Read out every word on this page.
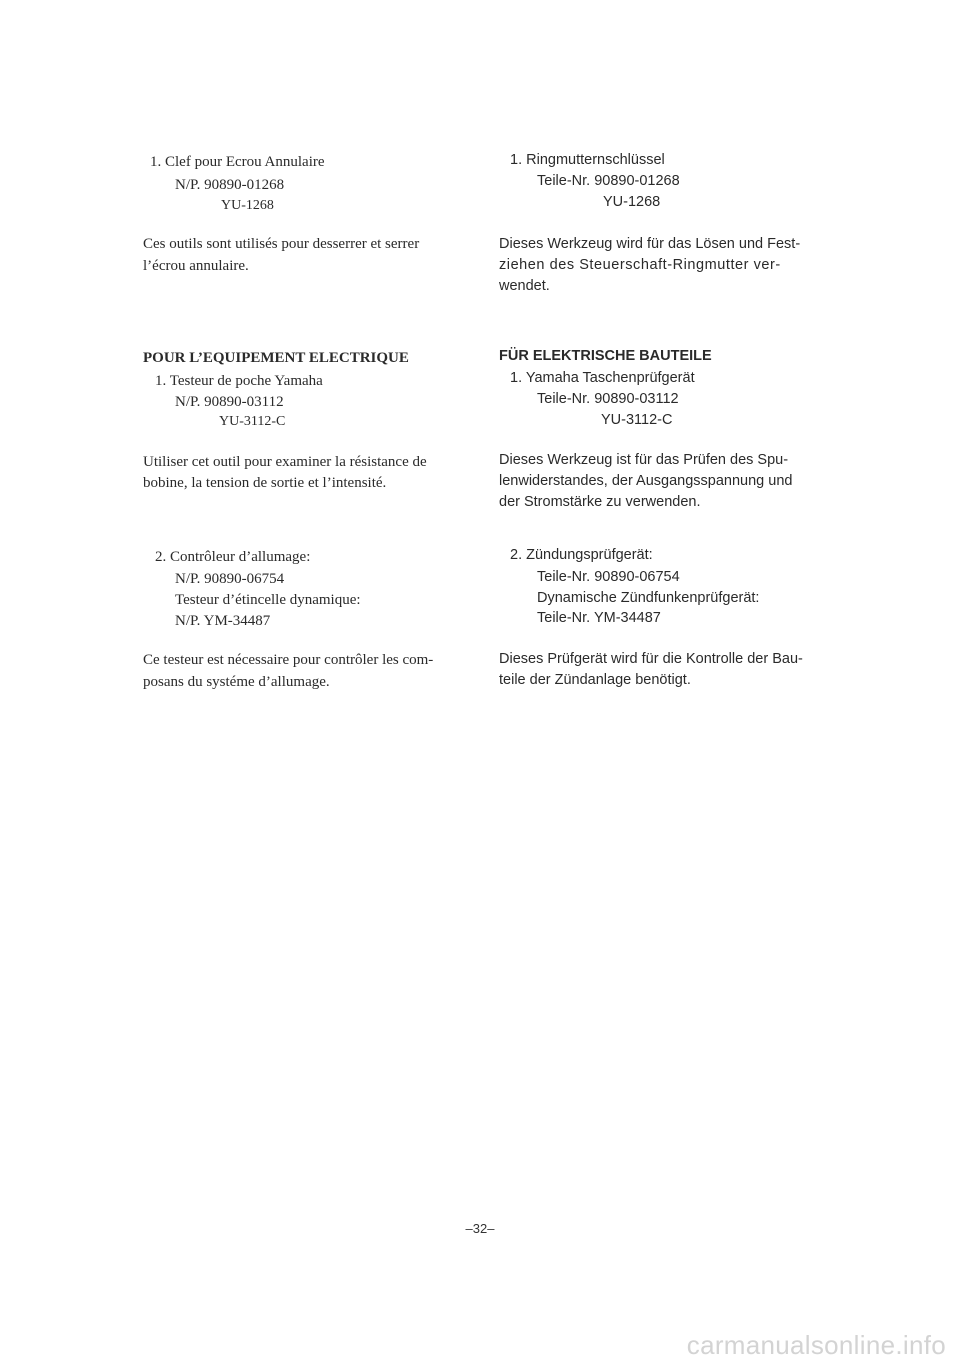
1. Clef pour Ecrou Annulaire
N/P. 90890-01268
YU-1268
Ces outils sont utilisés pour desserrer et serrer
l’écrou annulaire.
POUR L’EQUIPEMENT ELECTRIQUE
1. Testeur de poche Yamaha
N/P. 90890-03112
YU-3112-C
Utiliser cet outil pour examiner la résistance de
bobine, la tension de sortie et l’intensité.
2. Contrôleur d’allumage:
N/P. 90890-06754
Testeur d’étincelle dynamique:
N/P. YM-34487
Ce testeur est nécessaire pour contrôler les com-
posans du systéme d’allumage.
1. Ringmutternschlüssel
Teile-Nr. 90890-01268
YU-1268
Dieses Werkzeug wird für das Lösen und Fest-
ziehen des Steuerschaft-Ringmutter ver-
wendet.
FÜR ELEKTRISCHE BAUTEILE
1. Yamaha Taschenprüfgerät
Teile-Nr. 90890-03112
YU-3112-C
Dieses Werkzeug ist für das Prüfen des Spu-
lenwiderstandes, der Ausgangsspannung und
der Stromstärke zu verwenden.
2. Zündungsprüfgerät:
Teile-Nr. 90890-06754
Dynamische Zündfunkenprüfgerät:
Teile-Nr. YM-34487
Dieses Prüfgerät wird für die Kontrolle der Bau-
teile der Zündanlage benötigt.
–32–
carmanualsonline.info
